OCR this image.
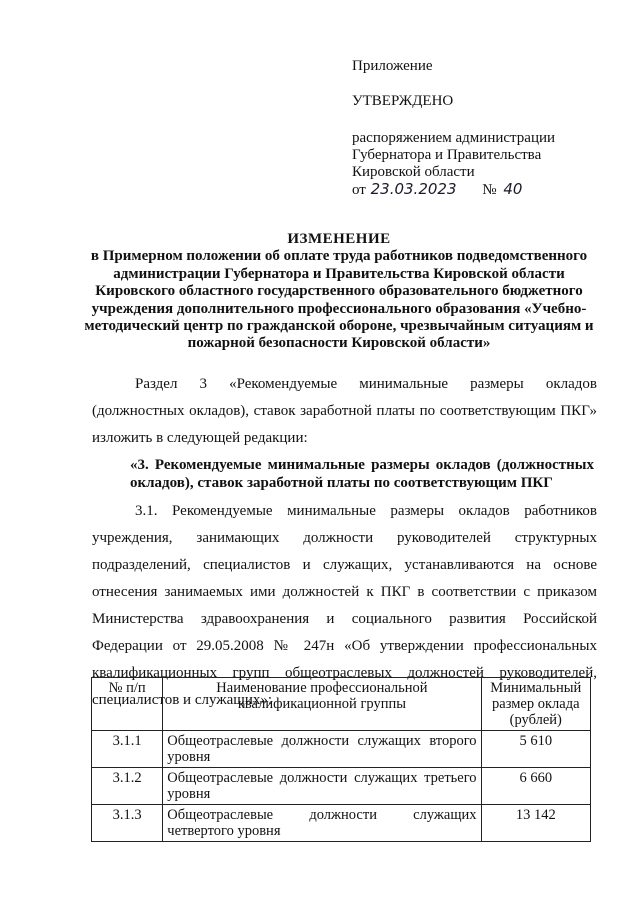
Приложение
УТВЕРЖДЕНО
распоряжением администрации
Губернатора и Правительства
Кировской области
от 23.03.2023 № 40
ИЗМЕНЕНИЕ
в Примерном положении об оплате труда работников подведомственного администрации Губернатора и Правительства Кировской области Кировского областного государственного образовательного бюджетного учреждения дополнительного профессионального образования «Учебно-методический центр по гражданской обороне, чрезвычайным ситуациям и пожарной безопасности Кировской области»
Раздел 3 «Рекомендуемые минимальные размеры окладов (должностных окладов), ставок заработной платы по соответствующим ПКГ» изложить в следующей редакции:
«3. Рекомендуемые минимальные размеры окладов (должностных окладов), ставок заработной платы по соответствующим ПКГ
3.1. Рекомендуемые минимальные размеры окладов работников учреждения, занимающих должности руководителей структурных подразделений, специалистов и служащих, устанавливаются на основе отнесения занимаемых ими должностей к ПКГ в соответствии с приказом Министерства здравоохранения и социального развития Российской Федерации от 29.05.2008 № 247н «Об утверждении профессиональных квалификационных групп общеотраслевых должностей руководителей, специалистов и служащих»:
№ п/п	Наименование профессиональной квалификационной группы	Минимальный размер оклада (рублей)
3.1.1	Общеотраслевые должности служащих второго уровня	5 610
3.1.2	Общеотраслевые должности служащих третьего уровня	6 660
3.1.3	Общеотраслевые должности служащих четвертого уровня	13 142
